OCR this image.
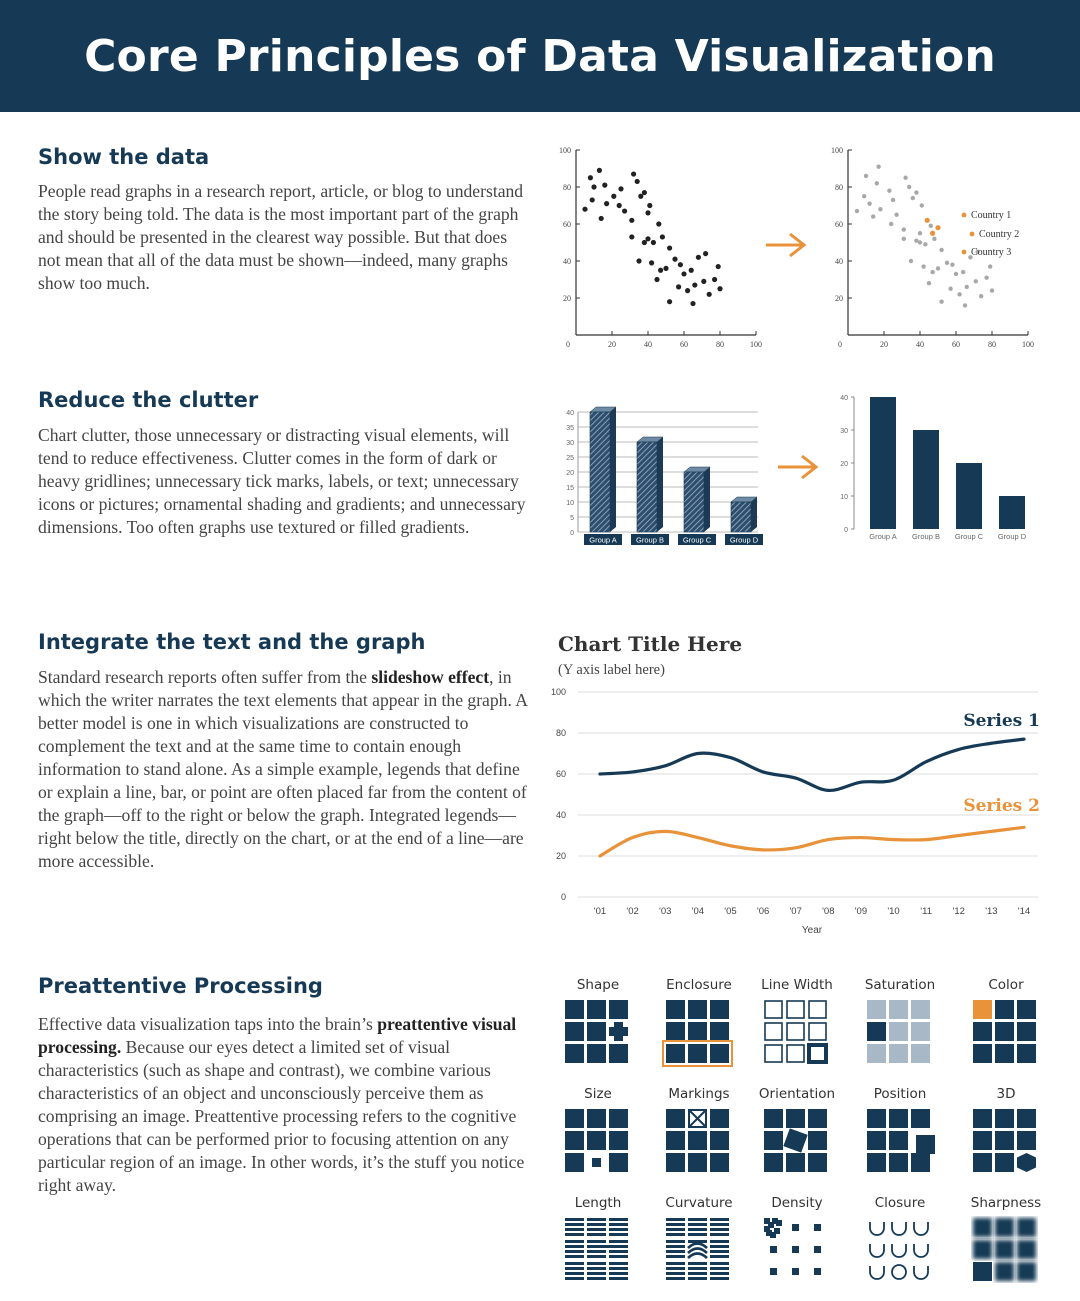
Core Principles of Data Visualization
Show the data
People read graphs in a research report, article, or blog to understand the story being told. The data is the most important part of the graph and should be presented in the clearest way possible. But that does not mean that all of the data must be shown—indeed, many graphs show too much.
0	20	40	60	80	100
20
40
60
80
100
0	20	40	60	80	100
20
40
60
80
100
Country 1
Country 2
Country 3
Reduce the clutter
Chart clutter, those unnecessary or distracting visual elements, will tend to reduce effectiveness. Clutter comes in the form of dark or heavy gridlines; unnecessary tick marks, labels, or text; unnecessary icons or pictures; ornamental shading and gradients; and unnecessary dimensions. Too often graphs use textured or filled gradients.	0
5
10
15
20
25
30
35
40
Group A	Group B	Group C Group D
0
10
20
30
40
Group A Group B Group C Group D
Integrate the text and the graph
Standard research reports often suffer from the slideshow effect, in which the writer narrates the text elements that appear in the graph. A better model is one in which visualizations are constructed to complement the text and at the same time to contain enough information to stand alone. As a simple example, legends that define or explain a line, bar, or point are often placed far from the content of the graph—off to the right or below the graph. Integrated legends—right below the title, directly on the chart, or at the end of a line—are more accessible.
Chart Title Here
(Y axis label here)
0
20
40
60
80
100
'01 '02 '03 '04 '05 '06 '07 '08 '09 '10 '11 '12 '13 '14
Year
Series 1
Series 2
Preattentive Processing
Effective data visualization taps into the brain’s preattentive visual processing. Because our eyes detect a limited set of visual characteristics (such as shape and contrast), we combine various characteristics of an object and unconsciously perceive them as comprising an image. Preattentive processing refers to the cognitive operations that can be performed prior to focusing attention on any particular region of an image. In other words, it’s the stuff you notice right away.
Shape	Enclosure Line Width Saturation	Color
Size	Markings Orientation	Position	3D
Length	Curvature	Density	Closure	Sharpness
